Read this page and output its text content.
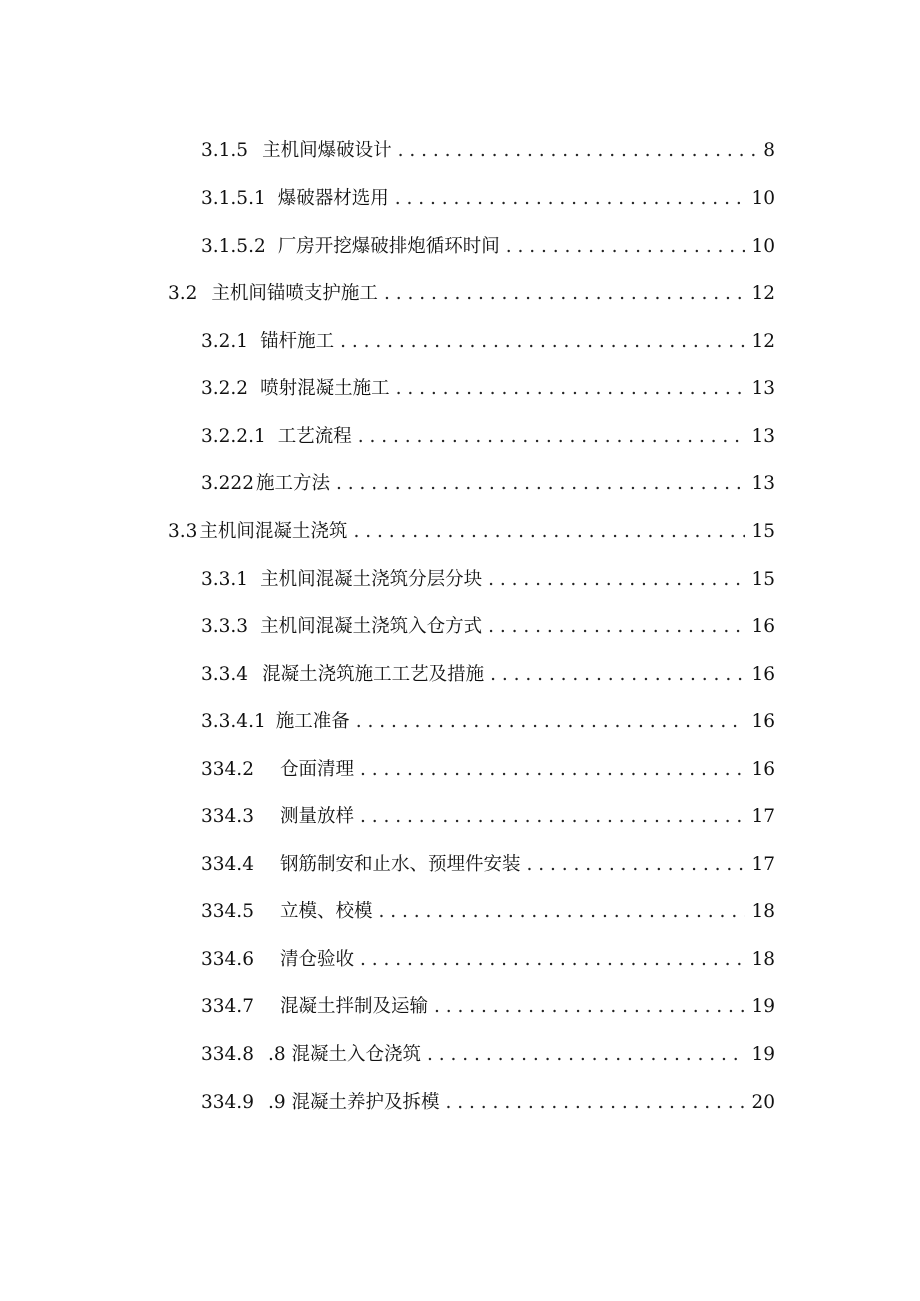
3.1.5 主机间爆破设计 . . .	8
3.1.5.1 爆破器材选用 . . .	10
3.1.5.2 厂房开挖爆破排炮循环时间 . . .	10
3.2 主机间锚喷支护施工 . . .	12
3.2.1 锚杆施工 . . .	12
3.2.2 喷射混凝土施工 . . .	13
3.2.2.1 工艺流程 . . .	13
3.222 施工方法 . . .	13
3.3 主机间混凝土浇筑 . . .	15
3.3.1 主机间混凝土浇筑分层分块 . . .	15
3.3.3 主机间混凝土浇筑入仓方式 . . .	16
3.3.4 混凝土浇筑施工工艺及措施 . . .	16
3.3.4.1 施工准备 . . .	16
334.2 仓面清理 . . .	16
334.3 测量放样 . . .	17
334.4 钢筋制安和止水、预埋件安装 . . .	17
334.5 立模、校模 . . .	18
334.6 清仓验收 . . .	18
334.7 混凝土拌制及运输 . . .	19
334.8 .8 混凝土入仓浇筑 . . .	19
334.9 .9 混凝土养护及拆模 . . .	20
